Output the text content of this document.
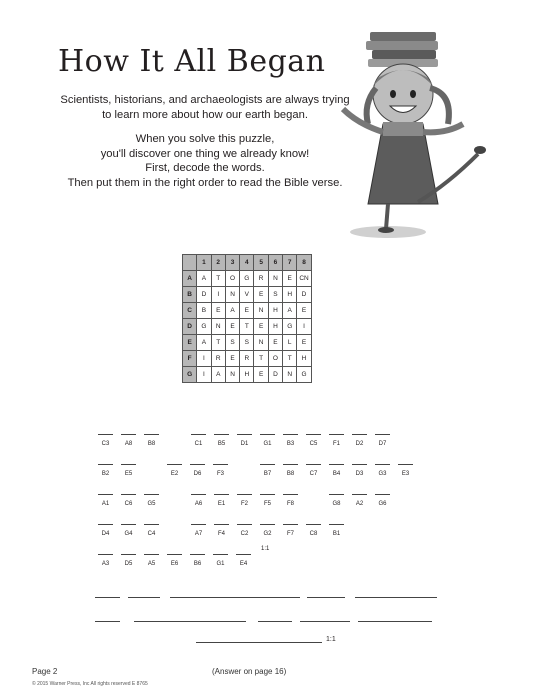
How It All Began

Scientists, historians, and archaeologists are always trying to learn more about how our earth began.

When you solve this puzzle,

you'll discover one thing we already know!

First, decode the words.

Then put them in the right order to read the Bible verse.

	1	2	3	4	5	6	7	8
A	A	T	O	G	R	N	E	CN
B	D	I	N	V	E	S	H	D
C	B	E	A	E	N	H	A	E
D	G	N	E	T	E	H	G	I
E	A	T	S	S	N	E	L	E
F	I	R	E	R	T	O	T	H
G	I	A	N	H	E	D	N	G
C3	A8	B8	C1	B5	D1	G1	B3	C5	F1	D2	D7
B2	E5	E2	D6	F3	B7	B8	C7	B4	D3	G3	E3
A1	C6	G5	A6	E1	F2	F5	F8	G8	A2	G6
D4	G4	C4	A7	F4	C2	G2	F7	C8	B1
1:1
A3	D5	A5	E6	B6	G1	E4
1:1
Page 2	(Answer on page 16)
© 2015 Warner Press, Inc All rights reserved E 8765
